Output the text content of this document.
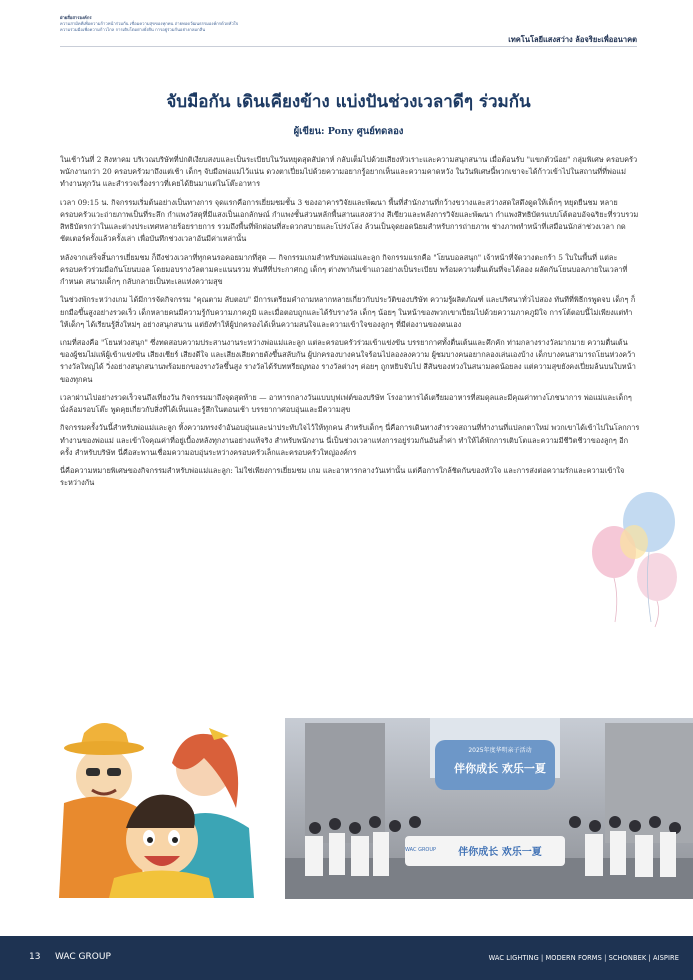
ฝ่ายสื่อสารองค์กร
ความสามัคคีเพื่อความก้าวหน้าร่วมกัน เชื่อมความสุขของทุกคน ถ่ายทอดวัฒนธรรมองค์กรด้วยหัวใจ
ความร่วมมือเพื่อความก้าวไกล การเติบโตอย่างยั่งยืน การอยู่ร่วมกันอย่างกลมกลืน
เทคโนโลยีแสงสว่าง ล้อจริยะเพื่ออนาคต
จับมือกัน เดินเคียงข้าง แบ่งปันช่วงเวลาดีๆ ร่วมกัน
ผู้เขียน: Pony ศูนย์ทดลอง

ในเช้าวันที่ 2 สิงหาคม บริเวณบริษัทที่ปกติเงียบสงบและเป็นระเบียบในวันหยุดสุดสัปดาห์ กลับเต็มไปด้วยเสียงหัวเราะและความสนุกสนาน เมื่อต้อนรับ "แขกตัวน้อย" กลุ่มพิเศษ ครอบครัวพนักงานกว่า 20 ครอบครัวมาถึงแต่เช้า เด็กๆ จับมือพ่อแม่ไว้แน่น ดวงตาเปี่ยมไปด้วยความอยากรู้อยากเห็นและความคาดหวัง ในวันพิเศษนี้พวกเขาจะได้ก้าวเข้าไปในสถานที่ที่พ่อแม่ทำงานทุกวัน และสำรวจเรื่องราวที่เคยได้ยินมาแต่ในโต๊ะอาหาร

เวลา 09:15 น. กิจกรรมเริ่มต้นอย่างเป็นทางการ จุดแรกคือการเยี่ยมชมชั้น 3 ของอาคารวิจัยและพัฒนา พื้นที่สำนักงานที่กว้างขวางและสว่างสดใสดึงดูดให้เด็กๆ หยุดยืนชม หลายครอบครัวแวะถ่ายภาพเป็นที่ระลึก กำแพงวัสดุที่มีแสงเป็นเอกลักษณ์ กำแพงชั้นส่วนหลักพื้นสานแสงสว่าง สีเขียวและพลังการวิจัยและพัฒนา กำแพงสิทธิบัตรแบบโต้ตอบอัจฉริยะที่รวบรวมสิทธิบัตรกว่าในและต่างประเทศหลายร้อยรายการ รวมถึงพื้นที่พักผ่อนที่สะดวกสบายและโปร่งโล่ง ล้วนเป็นจุดยอดนิยมสำหรับการถ่ายภาพ ช่างภาพทำหน้าที่เสมือนนักล่าช่วงเวลา กดชัตเตอร์ครั้งแล้วครั้งเล่า เพื่อบันทึกช่วงเวลาอันมีค่าเหล่านั้น

หลังจากเสร็จสิ้นการเยี่ยมชม ก็ถึงช่วงเวลาที่ทุกคนรอคอยมากที่สุด — กิจกรรมเกมสำหรับพ่อแม่และลูก กิจกรรมแรกคือ "โยนบอลสนุก" เจ้าหน้าที่จัดวางตะกร้า 5 ใบในพื้นที่ แต่ละครอบครัวร่วมมือกันโยนบอล โดยมอบรางวัลตามคะแนนรวม ทันทีที่ประกาศกฎ เด็กๆ ต่างพากันเข้าแถวอย่างเป็นระเบียบ พร้อมความตื่นเต้นที่จะได้ลอง ผลัดกันโยนบอลภายในเวลาที่กำหนด สนามเด็กๆ กลับกลายเป็นทะเลแห่งความสุข

ในช่วงพักระหว่างเกม ได้มีการจัดกิจกรรม "คุณตาม ลับตอบ" มีการเตรียมคำถามหลากหลายเกี่ยวกับประวัติของบริษัท ความรู้ผลิตภัณฑ์ และปริศนาทั่วไปสอง ทันทีที่พิธีกรพูดจบ เด็กๆ ก็ยกมือขึ้นสูงอย่างรวดเร็ว เด็กหลายคนมีความรู้กับความภาคภูมิ และเมื่อตอบถูกและได้รับรางวัล เด็กๆ น้อยๆ ในหน้าของพวกเขาเปี่ยมไปด้วยความภาคภูมิใจ การโต้ตอบนี้ไม่เพียงแต่ทำให้เด็กๆ ได้เรียนรู้สิ่งใหม่ๆ อย่างสนุกสนาน แต่ยังทำให้ผู้ปกครองได้เห็นความสนใจและความเข้าใจของลูกๆ ที่มีต่องานของตนเอง

เกมที่สองคือ "โยนห่วงสนุก" ซึ่งทดสอบความประสานงานระหว่างพ่อแม่และลูก แต่ละครอบครัวร่วมเข้าแข่งขัน บรรยากาศทั้งตื่นเต้นและคึกคัก ท่ามกลางรางวัลมากมาย ความตื่นเต้นของผู้ชมไม่แพ้ผู้เข้าแข่งขัน เสียงเชียร์ เสียงดีใจ และเสียงเสียดายดังขึ้นสลับกัน ผู้ปกครองบางคนใจร้อนไปลองลงความ ผู้ชมบางคนอยากลองเล่นเองบ้าง เด็กบางคนสามารถโยนห่วงคว้ารางวัลใหญ่ได้ วิ่งอย่างสนุกสนานพร้อมยกของรางวัลขึ้นสูง รางวัลได้รับทหรียญทอง รางวัลต่างๆ ค่อยๆ ถูกหยิบจับไป สีสันของห่วงในสนามลดน้อยลง แต่ความสุขยังคงเปี่ยมล้นบนใบหน้าของทุกคน

เวลาผ่านไปอย่างรวดเร็วจนถึงเที่ยงวัน กิจกรรมมาถึงจุดสุดท้าย — อาหารกลางวันแบบบุฟเฟต์ของบริษัท โรงอาหารได้เตรียมอาหารที่สมดุลและมีคุณค่าทางโภชนาการ พ่อแม่และเด็กๆ นั่งล้อมรอบโต๊ะ พูดคุยเกี่ยวกับสิ่งที่ได้เห็นและรู้สึกในตอนเช้า บรรยากาศอบอุ่นและมีความสุข

กิจกรรมครั้งวันนี้สำหรับพ่อแม่และลูก ทิ้งความทรงจำอันอบอุ่นและน่าประทับใจไว้ให้ทุกคน สำหรับเด็กๆ นี่คือการเดินทางสำรวจสถานที่ทำงานที่แปลกตาใหม่ พวกเขาได้เข้าไปในโลกการทำงานของพ่อแม่ และเข้าใจคุณค่าที่อยู่เบื้องหลังทุกงานอย่างแท้จริง สำหรับพนักงาน นี่เป็นช่วงเวลาแห่งการอยู่ร่วมกันอันล้ำค่า ทำให้ได้พักการเติบโตและความมีชีวิตชีวาของลูกๆ อีกครั้ง สำหรับบริษัท นี่คือสะพานเชื่อมความอบอุ่นระหว่างครอบครัวเล็กและครอบครัวใหญ่องค์กร

นี่คือความหมายพิเศษของกิจกรรมสำหรับพ่อแม่และลูก: ไม่ใช่เพียงการเยี่ยมชม เกม และอาหารกลางวันเท่านั้น แต่คือการใกล้ชิดกันของหัวใจ และการส่งต่อความรักและความเข้าใจระหว่างกัน

2025年度华明亲子活动
伴你成长 欢乐一夏
伴你成长 欢乐一夏
WAC GROUP
13 WAC GROUP	WAC LIGHTING | MODERN FORMS | SCHONBEK | AISPIRE
